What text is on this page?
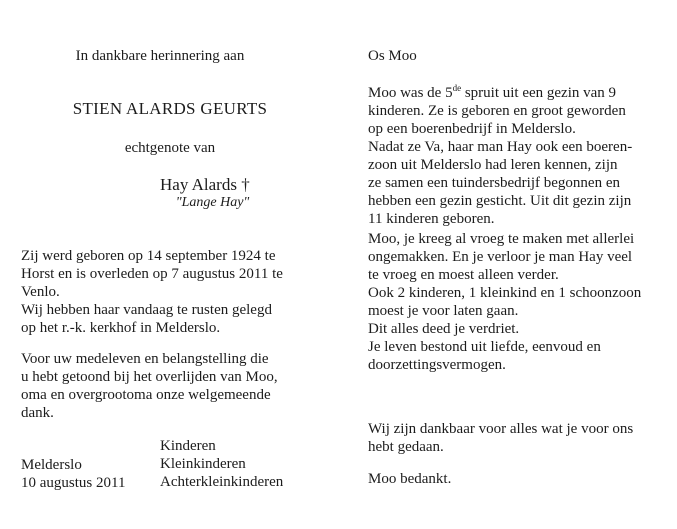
In dankbare herinnering aan
STIEN ALARDS GEURTS
echtgenote van
Hay Alards †
"Lange Hay"
Zij werd geboren op 14 september 1924 te
Horst en is overleden op 7 augustus 2011 te
Venlo.
Wij hebben haar vandaag te rusten gelegd
op het r.-k. kerkhof in Melderslo.
Voor uw medeleven en belangstelling die
u hebt getoond bij het overlijden van Moo,
oma en overgrootoma onze welgemeende
dank.
Kinderen
Kleinkinderen
Achterkleinkinderen
Melderslo
10 augustus 2011
Os Moo
Moo was de 5de spruit uit een gezin van 9
kinderen. Ze is geboren en groot geworden
op een boerenbedrijf in Melderslo.
Nadat ze Va, haar man Hay ook een boeren-
zoon uit Melderslo had leren kennen, zijn
ze samen een tuindersbedrijf begonnen en
hebben een gezin gesticht. Uit dit gezin zijn
11 kinderen geboren.
Moo, je kreeg al vroeg te maken met allerlei
ongemakken. En je verloor je man Hay veel
te vroeg en moest alleen verder.
Ook 2 kinderen, 1 kleinkind en 1 schoonzoon
moest je voor laten gaan.
Dit alles deed je verdriet.
Je leven bestond uit liefde, eenvoud en
doorzettingsvermogen.
Wij zijn dankbaar voor alles wat je voor ons
hebt gedaan.
Moo bedankt.
